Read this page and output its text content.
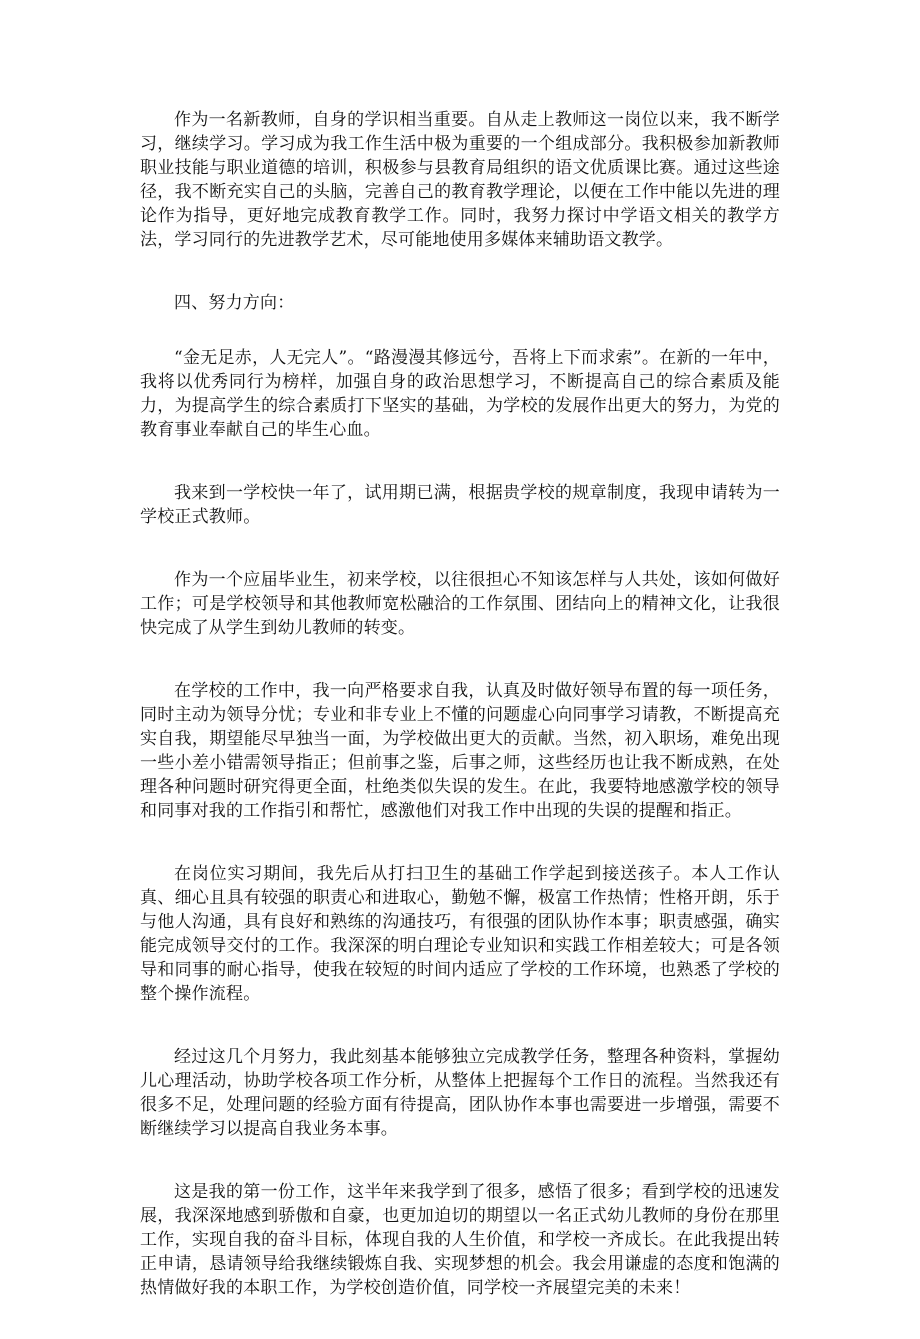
作为一名新教师，自身的学识相当重要。自从走上教师这一岗位以来，我不断学习，继续学习。学习成为我工作生活中极为重要的一个组成部分。我积极参加新教师职业技能与职业道德的培训，积极参与县教育局组织的语文优质课比赛。通过这些途径，我不断充实自己的头脑，完善自己的教育教学理论，以便在工作中能以先进的理论作为指导，更好地完成教育教学工作。同时，我努力探讨中学语文相关的教学方法，学习同行的先进教学艺术，尽可能地使用多媒体来辅助语文教学。

四、努力方向：

“金无足赤，人无完人”。“路漫漫其修远兮，吾将上下而求索”。在新的一年中，我将以优秀同行为榜样，加强自身的政治思想学习，不断提高自己的综合素质及能力，为提高学生的综合素质打下坚实的基础，为学校的发展作出更大的努力，为党的教育事业奉献自己的毕生心血。

我来到一学校快一年了，试用期已满，根据贵学校的规章制度，我现申请转为一学校正式教师。

作为一个应届毕业生，初来学校，以往很担心不知该怎样与人共处，该如何做好工作；可是学校领导和其他教师宽松融洽的工作氛围、团结向上的精神文化，让我很快完成了从学生到幼儿教师的转变。

在学校的工作中，我一向严格要求自我，认真及时做好领导布置的每一项任务，同时主动为领导分忧；专业和非专业上不懂的问题虚心向同事学习请教，不断提高充实自我，期望能尽早独当一面，为学校做出更大的贡献。当然，初入职场，难免出现一些小差小错需领导指正；但前事之鉴，后事之师，这些经历也让我不断成熟，在处理各种问题时研究得更全面，杜绝类似失误的发生。在此，我要特地感激学校的领导和同事对我的工作指引和帮忙，感激他们对我工作中出现的失误的提醒和指正。

在岗位实习期间，我先后从打扫卫生的基础工作学起到接送孩子。本人工作认真、细心且具有较强的职责心和进取心，勤勉不懈，极富工作热情；性格开朗，乐于与他人沟通，具有良好和熟练的沟通技巧，有很强的团队协作本事；职责感强，确实能完成领导交付的工作。我深深的明白理论专业知识和实践工作相差较大；可是各领导和同事的耐心指导，使我在较短的时间内适应了学校的工作环境，也熟悉了学校的整个操作流程。

经过这几个月努力，我此刻基本能够独立完成教学任务，整理各种资料，掌握幼儿心理活动，协助学校各项工作分析，从整体上把握每个工作日的流程。当然我还有很多不足，处理问题的经验方面有待提高，团队协作本事也需要进一步增强，需要不断继续学习以提高自我业务本事。

这是我的第一份工作，这半年来我学到了很多，感悟了很多；看到学校的迅速发展，我深深地感到骄傲和自豪，也更加迫切的期望以一名正式幼儿教师的身份在那里工作，实现自我的奋斗目标，体现自我的人生价值，和学校一齐成长。在此我提出转正申请，恳请领导给我继续锻炼自我、实现梦想的机会。我会用谦虚的态度和饱满的热情做好我的本职工作，为学校创造价值，同学校一齐展望完美的未来！
